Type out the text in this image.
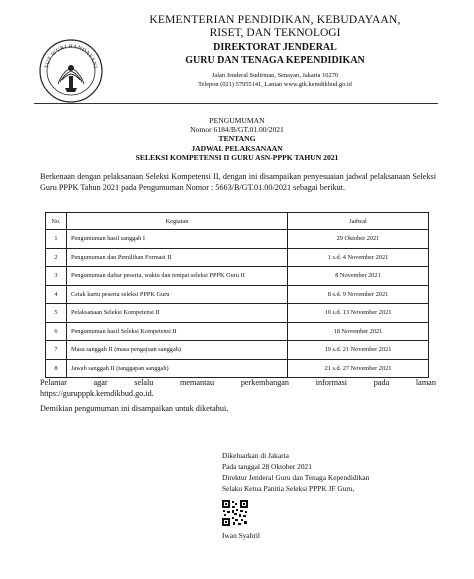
TUT WURI HANDAYANI
KEMENTERIAN PENDIDIKAN, KEBUDAYAAN,
RISET, DAN TEKNOLOGI
DIREKTORAT JENDERAL
GURU DAN TENAGA KEPENDIDIKAN
Jalan Jenderal Sudirman, Senayan, Jakarta 10270
Telepon (021) 57955141, Laman www.gtk.kemdikbud.go.id
PENGUMUMAN
Nomor 6184/B/GT.01.00/2021
TENTANG
JADWAL PELAKSANAAN
SELEKSI KOMPETENSI II GURU ASN-PPPK TAHUN 2021
Berkenaan dengan pelaksanaan Seleksi Kompetensi II, dengan ini disampaikan penyesuaian jadwal pelaksanaan Seleksi Guru PPPK Tahun 2021 pada Pengumuman Nomor : 5663/B/GT.01.00/2021 sebagai berikut.
No.	Kegiatan	Jadwal
1	Pengumuman hasil sanggah I	29 Oktober 2021
2	Pengumuman dan Pemilihan Formasi II	1 s.d. 4 November 2021
3	Pengumuman daftar peserta, waktu dan tempat seleksi PPPK Guru II	8 November 2021
4	Cetak kartu peserta seleksi PPPK Guru	8 s.d. 9 November 2021
5	Pelaksanaan Seleksi Kompetensi II	10 s.d. 13 November 2021
6	Pengumuman hasil Seleksi Kompetensi II	18 November 2021
7	Masa sanggah II (masa pengajuan sanggah)	19 s.d. 21 November 2021
8	Jawab sanggah II (tanggapan sanggah)	21 s.d. 27 November 2021
Pelamar	agar	selalu	memantau	perkembangan	informasi	pada	laman
https://gurupppk.kemdikbud.go.id.
Demikian pengumuman ini disampaikan untuk diketahui.
Dikeluarkan di Jakarta
Pada tanggal 28 Oktober 2021
Direktur Jenderal Guru dan Tenaga Kependidikan
Selaku Ketua Panitia Seleksi PPPK JF Guru,
Iwan Syahril
